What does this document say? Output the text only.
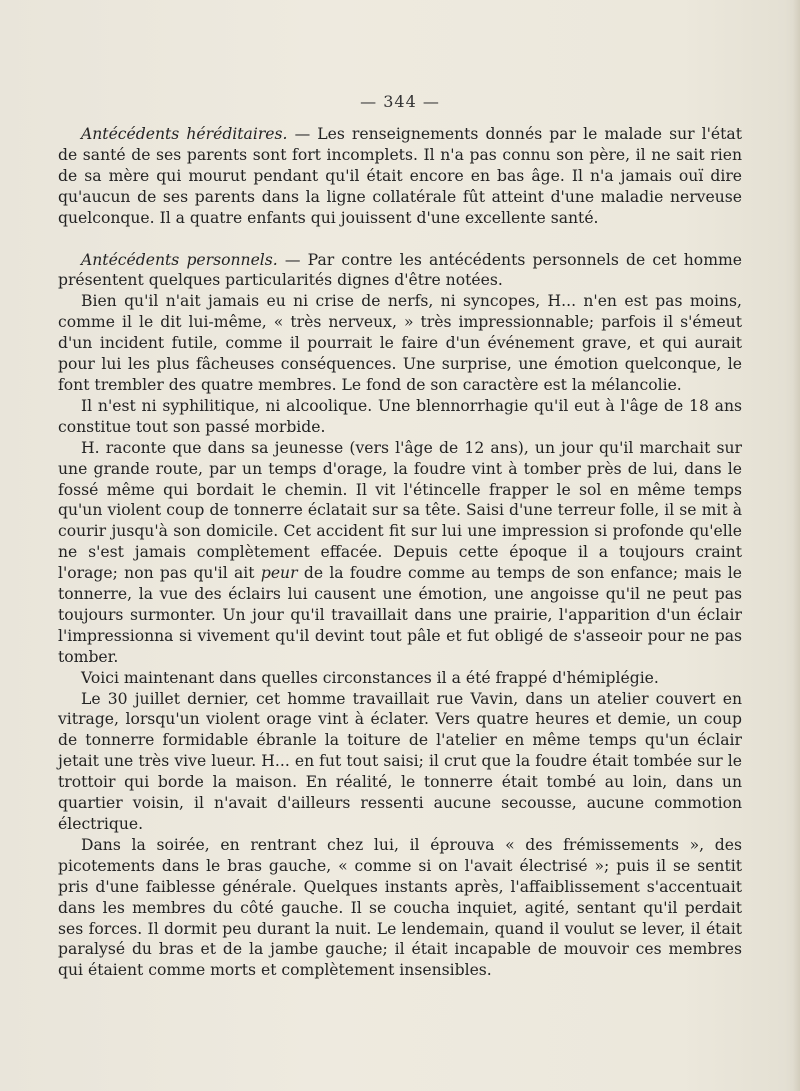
— 344 —

Antécédents héréditaires. — Les renseignements donnés par le malade sur l'état de santé de ses parents sont fort incomplets. Il n'a pas connu son père, il ne sait rien de sa mère qui mourut pendant qu'il était encore en bas âge. Il n'a jamais ouï dire qu'aucun de ses parents dans la ligne collatérale fût atteint d'une maladie nerveuse quelconque. Il a quatre enfants qui jouissent d'une excellente santé.

Antécédents personnels. — Par contre les antécédents personnels de cet homme présentent quelques particularités dignes d'être notées.

Bien qu'il n'ait jamais eu ni crise de nerfs, ni syncopes, H... n'en est pas moins, comme il le dit lui-même, « très nerveux, » très impressionnable; parfois il s'émeut d'un incident futile, comme il pourrait le faire d'un événement grave, et qui aurait pour lui les plus fâcheuses conséquences. Une surprise, une émotion quelconque, le font trembler des quatre membres. Le fond de son caractère est la mélancolie.

Il n'est ni syphilitique, ni alcoolique. Une blennorrhagie qu'il eut à l'âge de 18 ans constitue tout son passé morbide.

H. raconte que dans sa jeunesse (vers l'âge de 12 ans), un jour qu'il marchait sur une grande route, par un temps d'orage, la foudre vint à tomber près de lui, dans le fossé même qui bordait le chemin. Il vit l'étincelle frapper le sol en même temps qu'un violent coup de tonnerre éclatait sur sa tête. Saisi d'une terreur folle, il se mit à courir jusqu'à son domicile. Cet accident fit sur lui une impression si profonde qu'elle ne s'est jamais complètement effacée. Depuis cette époque il a toujours craint l'orage; non pas qu'il ait peur de la foudre comme au temps de son enfance; mais le tonnerre, la vue des éclairs lui causent une émotion, une angoisse qu'il ne peut pas toujours surmonter. Un jour qu'il travaillait dans une prairie, l'apparition d'un éclair l'impressionna si vivement qu'il devint tout pâle et fut obligé de s'asseoir pour ne pas tomber.

Voici maintenant dans quelles circonstances il a été frappé d'hémiplégie.

Le 30 juillet dernier, cet homme travaillait rue Vavin, dans un atelier couvert en vitrage, lorsqu'un violent orage vint à éclater. Vers quatre heures et demie, un coup de tonnerre formidable ébranle la toiture de l'atelier en même temps qu'un éclair jetait une très vive lueur. H... en fut tout saisi; il crut que la foudre était tombée sur le trottoir qui borde la maison. En réalité, le tonnerre était tombé au loin, dans un quartier voisin, il n'avait d'ailleurs ressenti aucune secousse, aucune commotion électrique.

Dans la soirée, en rentrant chez lui, il éprouva « des frémissements », des picotements dans le bras gauche, « comme si on l'avait électrisé »; puis il se sentit pris d'une faiblesse générale. Quelques instants après, l'affaiblissement s'accentuait dans les membres du côté gauche. Il se coucha inquiet, agité, sentant qu'il perdait ses forces. Il dormit peu durant la nuit. Le lendemain, quand il voulut se lever, il était paralysé du bras et de la jambe gauche; il était incapable de mouvoir ces membres qui étaient comme morts et complètement insensibles.
